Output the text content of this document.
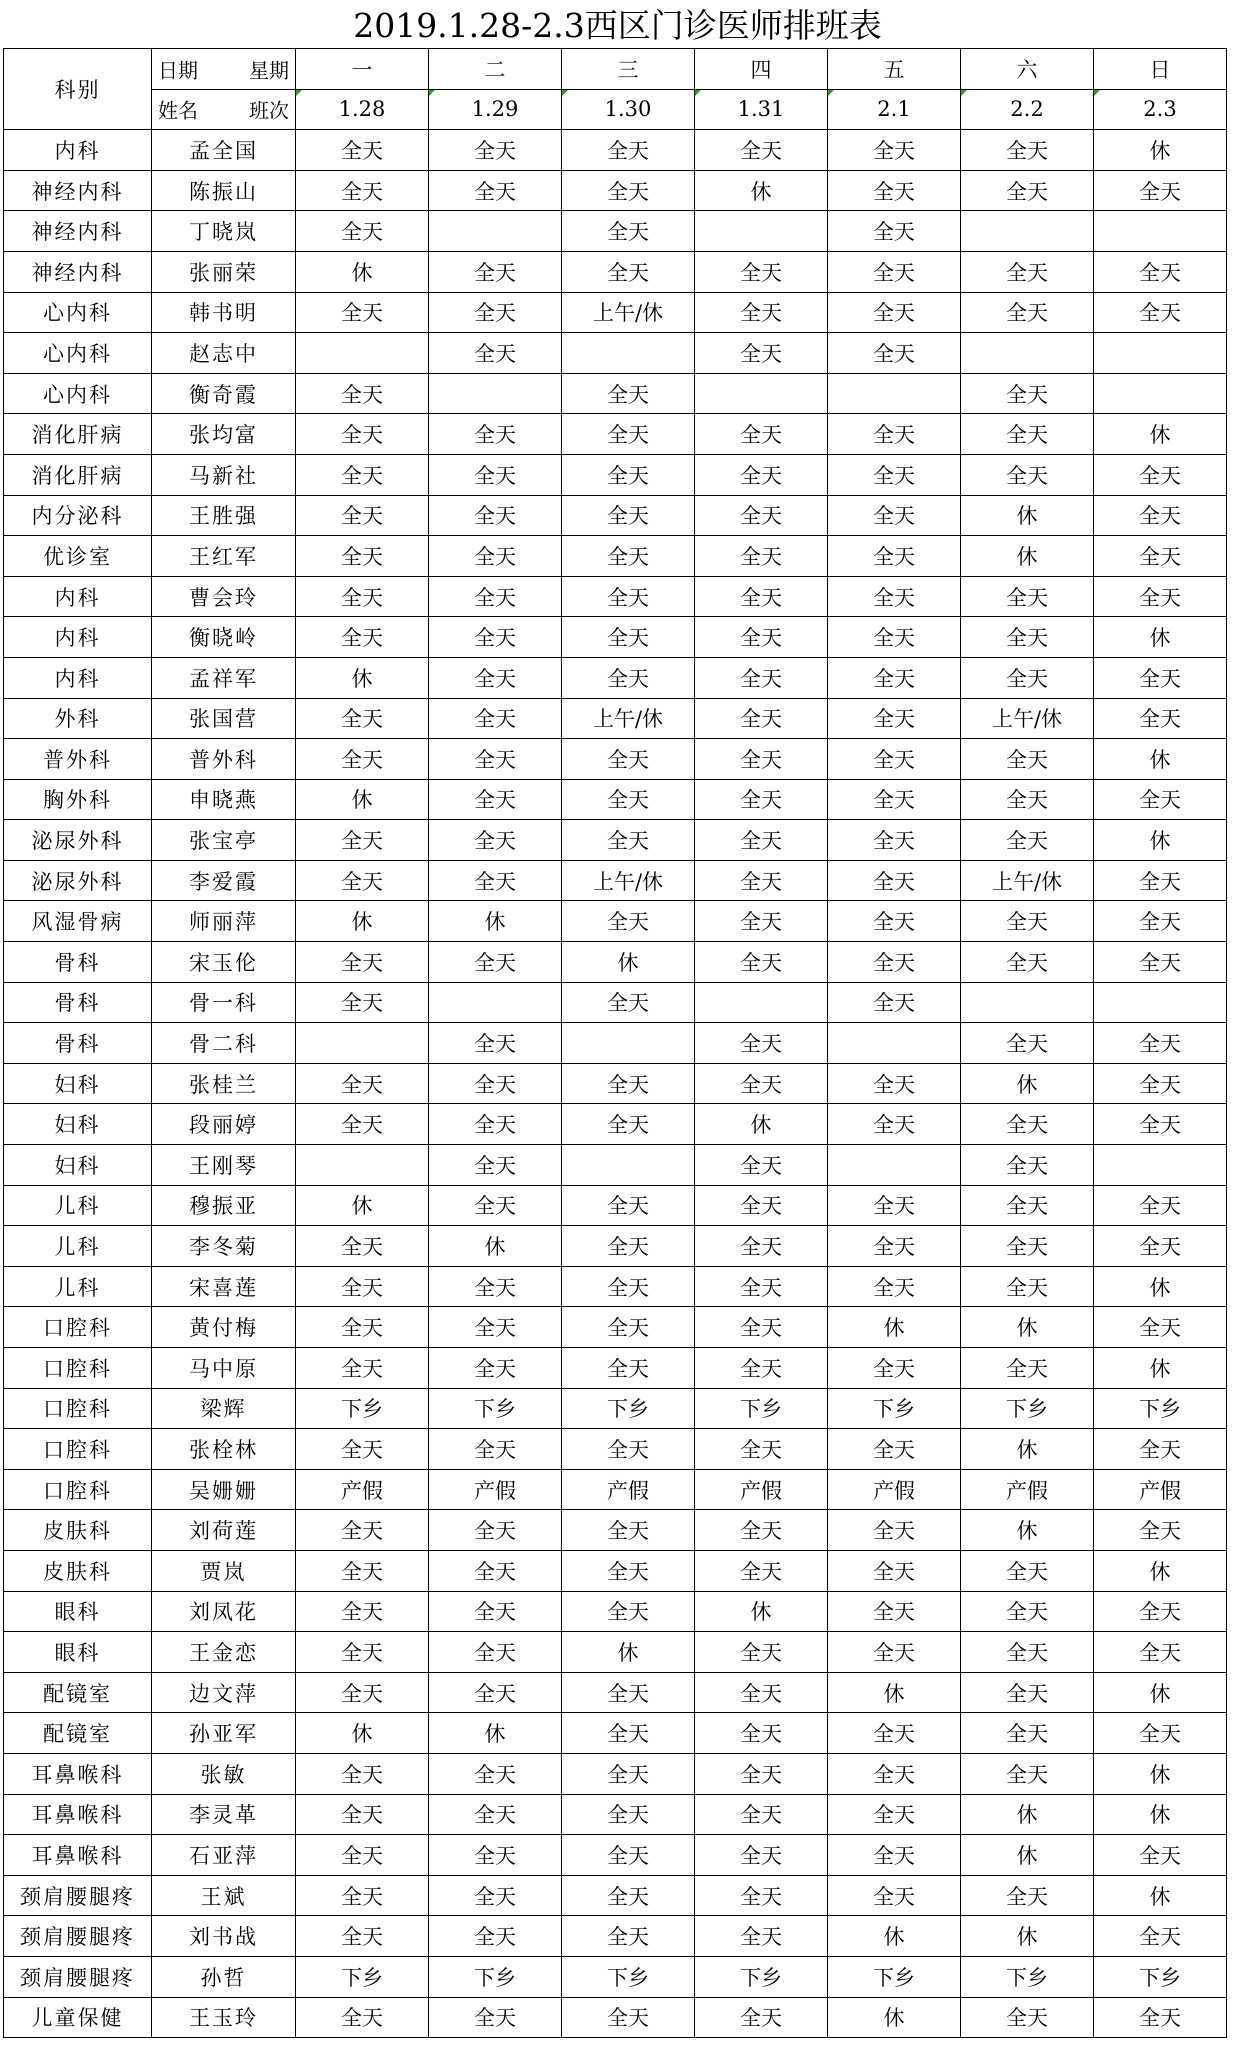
2019.1.28-2.3西区门诊医师排班表
科别	日期 星期	一	二	三	四	五	六	日

	姓名 班次	1.28	1.29	1.30	1.31	2.1	2.2	2.3
内科	孟全国	全天	全天	全天	全天	全天	全天	休
神经内科	陈振山	全天	全天	全天	休	全天	全天	全天
神经内科	丁晓岚	全天		全天		全天		
神经内科	张丽荣	休	全天	全天	全天	全天	全天	全天
心内科	韩书明	全天	全天	上午/休	全天	全天	全天	全天
心内科	赵志中		全天		全天	全天		
心内科	衡奇霞	全天		全天			全天	
消化肝病	张均富	全天	全天	全天	全天	全天	全天	休
消化肝病	马新社	全天	全天	全天	全天	全天	全天	全天
内分泌科	王胜强	全天	全天	全天	全天	全天	休	全天
优诊室	王红军	全天	全天	全天	全天	全天	休	全天
内科	曹会玲	全天	全天	全天	全天	全天	全天	全天
内科	衡晓岭	全天	全天	全天	全天	全天	全天	休
内科	孟祥军	休	全天	全天	全天	全天	全天	全天
外科	张国营	全天	全天	上午/休	全天	全天	上午/休	全天
普外科	普外科	全天	全天	全天	全天	全天	全天	休
胸外科	申晓燕	休	全天	全天	全天	全天	全天	全天
泌尿外科	张宝亭	全天	全天	全天	全天	全天	全天	休
泌尿外科	李爱霞	全天	全天	上午/休	全天	全天	上午/休	全天
风湿骨病	师丽萍	休	休	全天	全天	全天	全天	全天
骨科	宋玉伦	全天	全天	休	全天	全天	全天	全天
骨科	骨一科	全天		全天		全天		
骨科	骨二科		全天		全天		全天	全天
妇科	张桂兰	全天	全天	全天	全天	全天	休	全天
妇科	段丽婷	全天	全天	全天	休	全天	全天	全天
妇科	王刚琴		全天		全天		全天	
儿科	穆振亚	休	全天	全天	全天	全天	全天	全天
儿科	李冬菊	全天	休	全天	全天	全天	全天	全天
儿科	宋喜莲	全天	全天	全天	全天	全天	全天	休
口腔科	黄付梅	全天	全天	全天	全天	休	休	全天
口腔科	马中原	全天	全天	全天	全天	全天	全天	休
口腔科	梁辉	下乡	下乡	下乡	下乡	下乡	下乡	下乡
口腔科	张栓林	全天	全天	全天	全天	全天	休	全天
口腔科	吴姗姗	产假	产假	产假	产假	产假	产假	产假
皮肤科	刘荷莲	全天	全天	全天	全天	全天	休	全天
皮肤科	贾岚	全天	全天	全天	全天	全天	全天	休
眼科	刘凤花	全天	全天	全天	休	全天	全天	全天
眼科	王金恋	全天	全天	休	全天	全天	全天	全天
配镜室	边文萍	全天	全天	全天	全天	休	全天	休
配镜室	孙亚军	休	休	全天	全天	全天	全天	全天
耳鼻喉科	张敏	全天	全天	全天	全天	全天	全天	休
耳鼻喉科	李灵革	全天	全天	全天	全天	全天	休	休
耳鼻喉科	石亚萍	全天	全天	全天	全天	全天	休	全天
颈肩腰腿疼	王斌	全天	全天	全天	全天	全天	全天	休
颈肩腰腿疼	刘书战	全天	全天	全天	全天	休	休	全天
颈肩腰腿疼	孙哲	下乡	下乡	下乡	下乡	下乡	下乡	下乡
儿童保健	王玉玲	全天	全天	全天	全天	休	全天	全天
